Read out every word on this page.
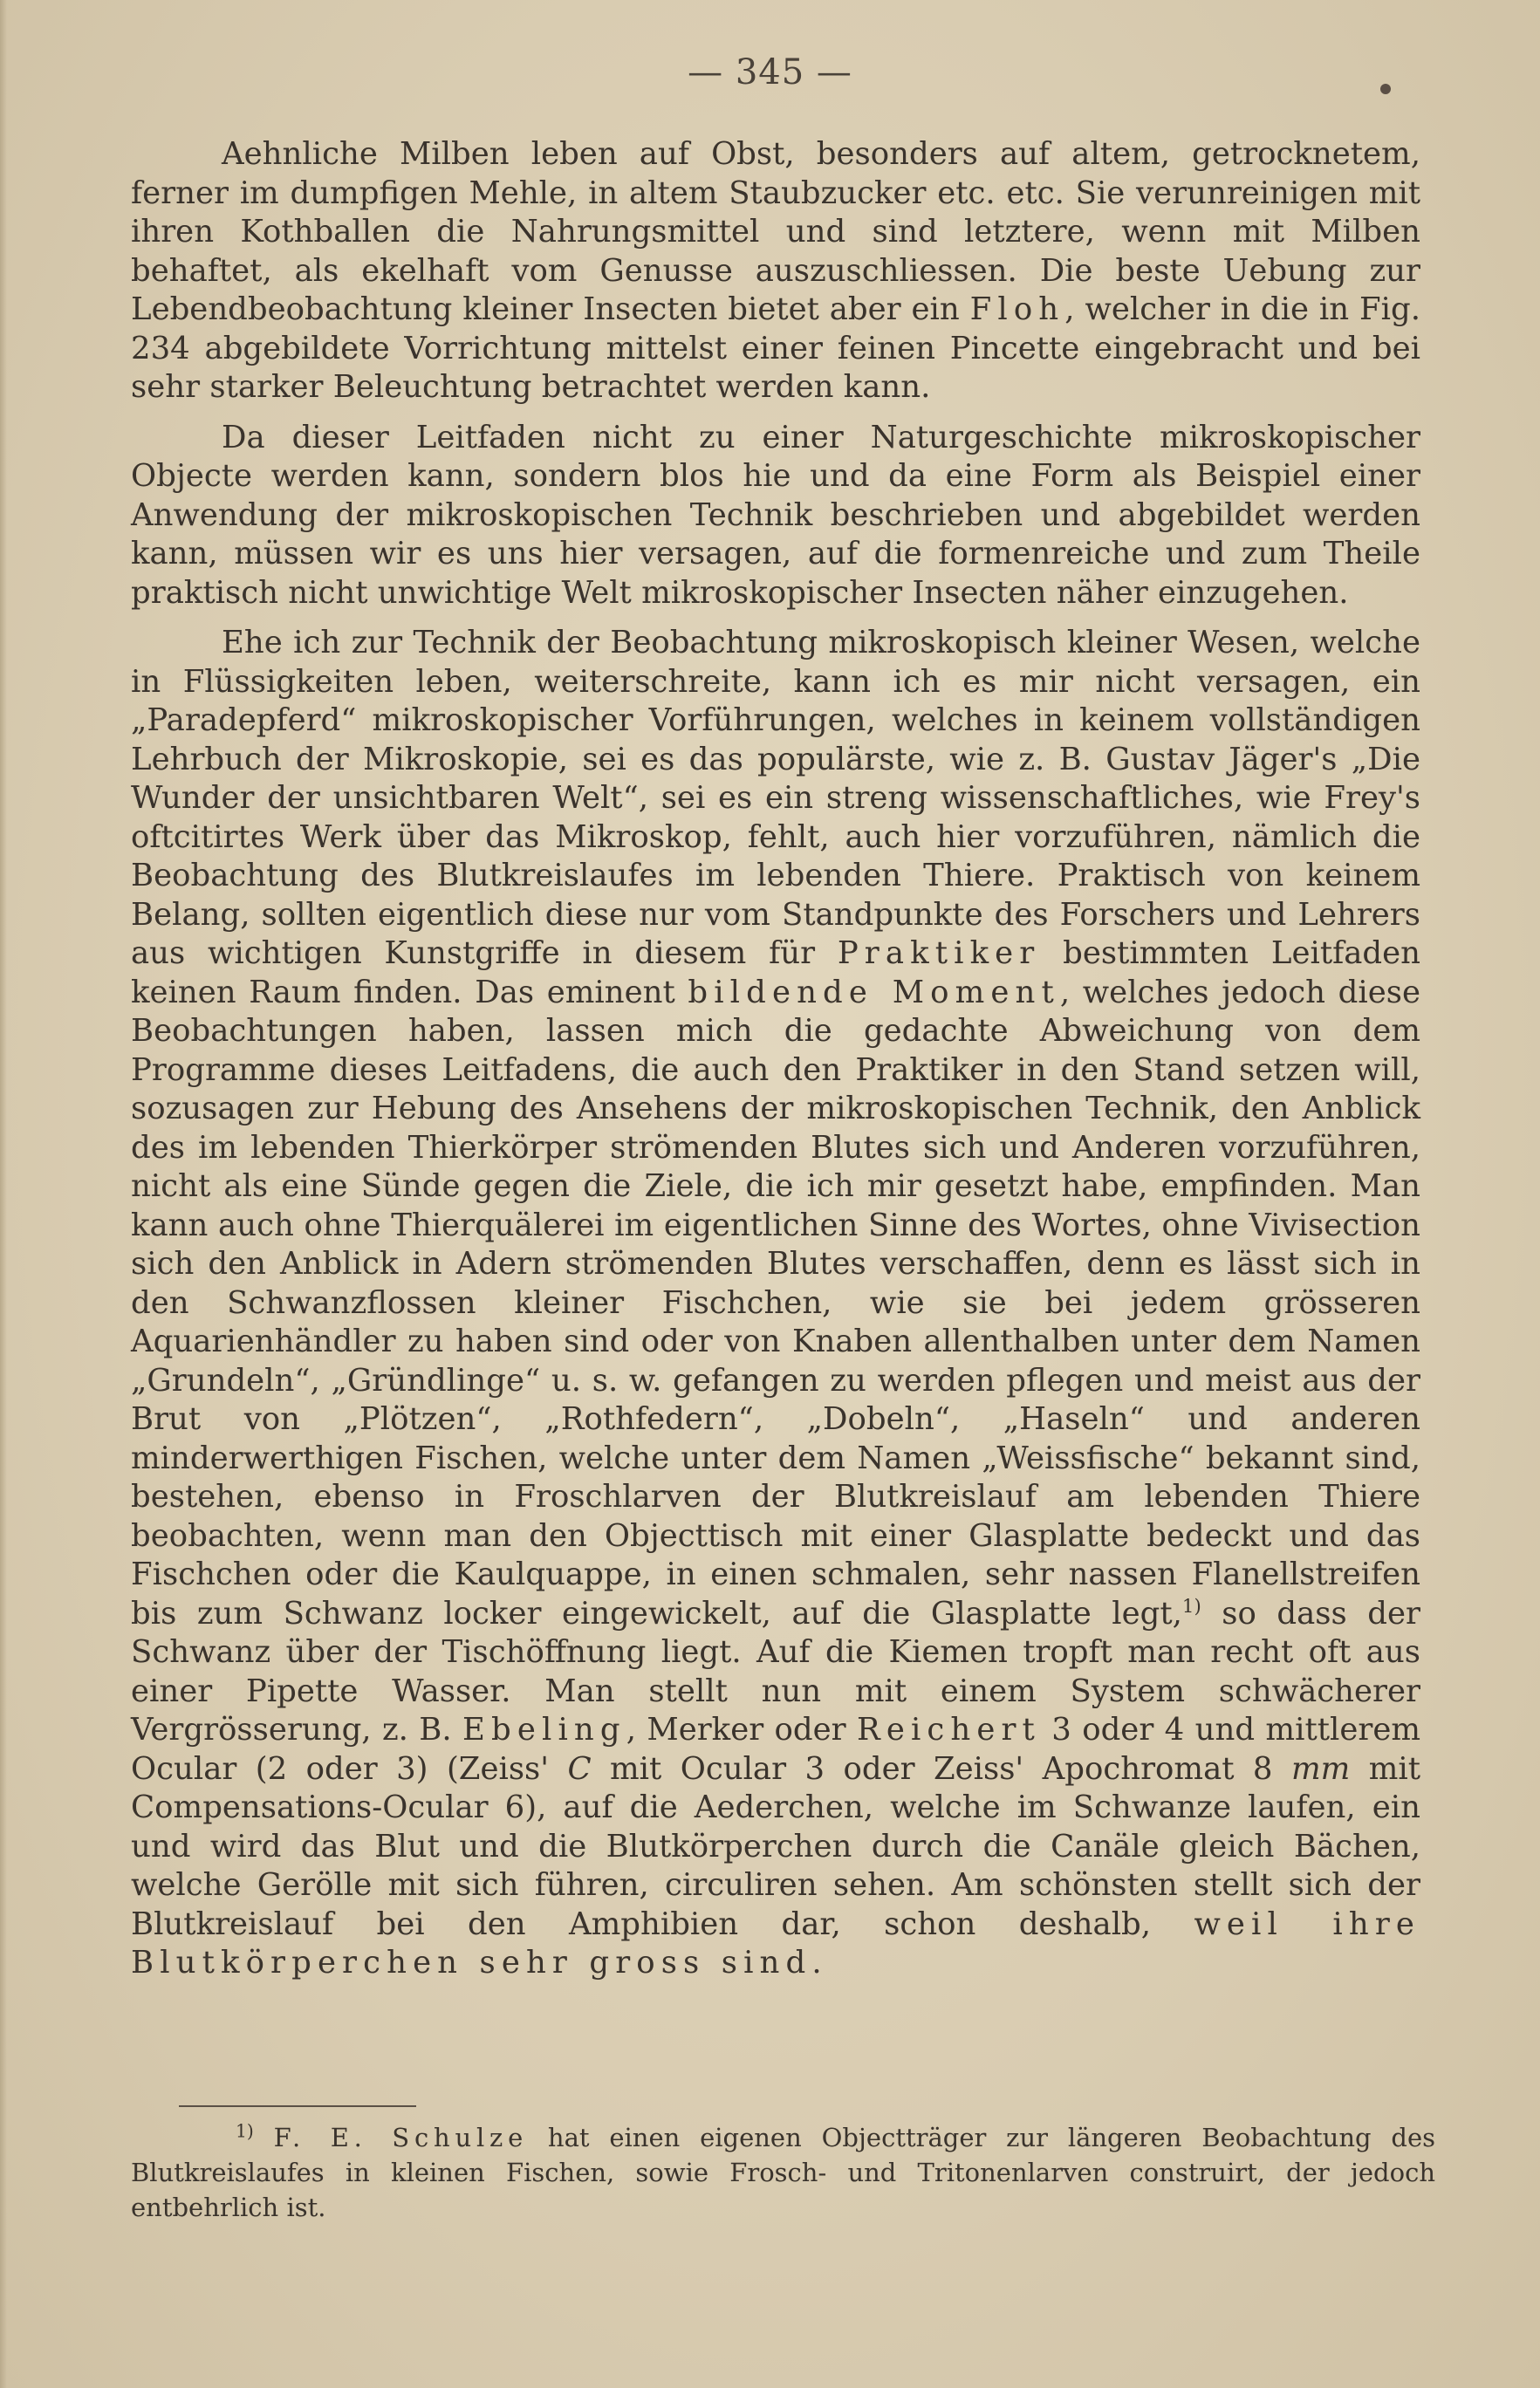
— 345 —

Aehnliche Milben leben auf Obst, besonders auf altem, getrocknetem, ferner im dumpfigen Mehle, in altem Staubzucker etc. etc. Sie verunreinigen mit ihren Kothballen die Nahrungsmittel und sind letztere, wenn mit Milben behaftet, als ekelhaft vom Genusse auszuschliessen. Die beste Uebung zur Lebendbeobachtung kleiner Insecten bietet aber ein Floh, welcher in die in Fig. 234 abgebildete Vorrichtung mittelst einer feinen Pincette eingebracht und bei sehr starker Beleuchtung betrachtet werden kann.

Da dieser Leitfaden nicht zu einer Naturgeschichte mikroskopischer Objecte werden kann, sondern blos hie und da eine Form als Beispiel einer Anwendung der mikroskopischen Technik beschrieben und abgebildet werden kann, müssen wir es uns hier versagen, auf die formenreiche und zum Theile praktisch nicht unwichtige Welt mikroskopischer Insecten näher einzugehen.

Ehe ich zur Technik der Beobachtung mikroskopisch kleiner Wesen, welche in Flüssigkeiten leben, weiterschreite, kann ich es mir nicht versagen, ein „Paradepferd“ mikroskopischer Vorführungen, welches in keinem vollständigen Lehrbuch der Mikroskopie, sei es das populärste, wie z. B. Gustav Jäger's „Die Wunder der unsichtbaren Welt“, sei es ein streng wissenschaftliches, wie Frey's oftcitirtes Werk über das Mikroskop, fehlt, auch hier vorzuführen, nämlich die Beobachtung des Blutkreislaufes im lebenden Thiere. Praktisch von keinem Belang, sollten eigentlich diese nur vom Standpunkte des Forschers und Lehrers aus wichtigen Kunstgriffe in diesem für Praktiker bestimmten Leitfaden keinen Raum finden. Das eminent bildende Moment, welches jedoch diese Beobachtungen haben, lassen mich die gedachte Abweichung von dem Programme dieses Leitfadens, die auch den Praktiker in den Stand setzen will, sozusagen zur Hebung des Ansehens der mikroskopischen Technik, den Anblick des im lebenden Thierkörper strömenden Blutes sich und Anderen vorzuführen, nicht als eine Sünde gegen die Ziele, die ich mir gesetzt habe, empfinden. Man kann auch ohne Thierquälerei im eigentlichen Sinne des Wortes, ohne Vivisection sich den Anblick in Adern strömenden Blutes verschaffen, denn es lässt sich in den Schwanzflossen kleiner Fischchen, wie sie bei jedem grösseren Aquarienhändler zu haben sind oder von Knaben allenthalben unter dem Namen „Grundeln“, „Gründlinge“ u. s. w. gefangen zu werden pflegen und meist aus der Brut von „Plötzen“, „Rothfedern“, „Dobeln“, „Haseln“ und anderen minderwerthigen Fischen, welche unter dem Namen „Weissfische“ bekannt sind, bestehen, ebenso in Froschlarven der Blutkreislauf am lebenden Thiere beobachten, wenn man den Objecttisch mit einer Glasplatte bedeckt und das Fischchen oder die Kaulquappe, in einen schmalen, sehr nassen Flanellstreifen bis zum Schwanz locker eingewickelt, auf die Glasplatte legt,$^{1)}$ so dass der Schwanz über der Tischöffnung liegt. Auf die Kiemen tropft man recht oft aus einer Pipette Wasser. Man stellt nun mit einem System schwächerer Vergrösserung, z. B. Ebeling, Merker oder Reichert 3 oder 4 und mittlerem Ocular (2 oder 3) (Zeiss' C mit Ocular 3 oder Zeiss' Apochromat 8 mm mit Compensations-Ocular 6), auf die Aederchen, welche im Schwanze laufen, ein und wird das Blut und die Blutkörperchen durch die Canäle gleich Bächen, welche Gerölle mit sich führen, circuliren sehen. Am schönsten stellt sich der Blutkreislauf bei den Amphibien dar, schon deshalb, weil ihre Blutkörperchen sehr gross sind.

$^{1)}$ F. E. Schulze hat einen eigenen Objectträger zur längeren Beobachtung des Blutkreislaufes in kleinen Fischen, sowie Frosch- und Tritonenlarven construirt, der jedoch entbehrlich ist.
